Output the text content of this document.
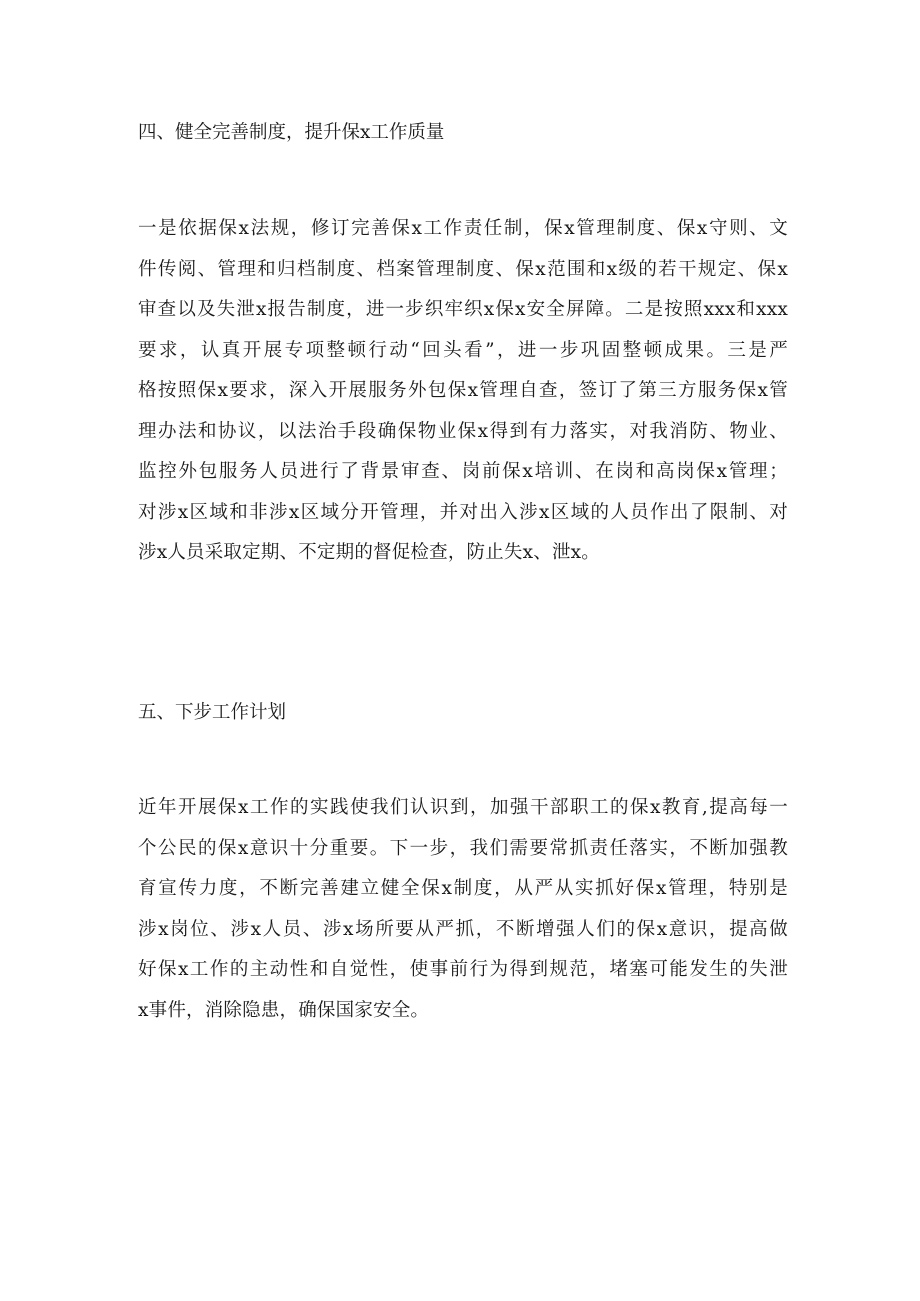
四、健全完善制度，提升保x工作质量
一是依据保x法规，修订完善保x工作责任制，保x管理制度、保x守则、文
件传阅、管理和归档制度、档案管理制度、保x范围和x级的若干规定、保x
审查以及失泄x报告制度，进一步织牢织x保x安全屏障。二是按照xxx和xxx
要求，认真开展专项整顿行动“回头看”，进一步巩固整顿成果。三是严
格按照保x要求，深入开展服务外包保x管理自查，签订了第三方服务保x管
理办法和协议，以法治手段确保物业保x得到有力落实，对我消防、物业、
监控外包服务人员进行了背景审查、岗前保x培训、在岗和高岗保x管理；
对涉x区域和非涉x区域分开管理，并对出入涉x区域的人员作出了限制、对
涉x人员采取定期、不定期的督促检查，防止失x、泄x。
五、下步工作计划
近年开展保x工作的实践使我们认识到，加强干部职工的保x教育,提高每一
个公民的保x意识十分重要。下一步，我们需要常抓责任落实，不断加强教
育宣传力度，不断完善建立健全保x制度，从严从实抓好保x管理，特别是
涉x岗位、涉x人员、涉x场所要从严抓，不断增强人们的保x意识，提高做
好保x工作的主动性和自觉性，使事前行为得到规范，堵塞可能发生的失泄
x事件，消除隐患，确保国家安全。
